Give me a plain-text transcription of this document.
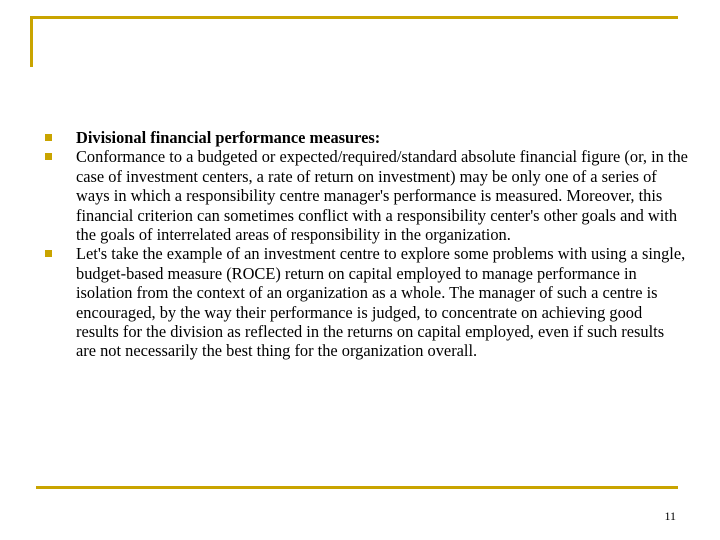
Divisional financial performance measures:
Conformance to a budgeted or expected/required/standard absolute financial figure (or, in the case of investment centers, a rate of return on investment) may be only one of a series of ways in which a responsibility centre manager's performance is measured. Moreover, this financial criterion can sometimes conflict with a responsibility center's other goals and with the goals of interrelated areas of responsibility in the organization.
Let's take the example of an investment centre to explore some problems with using a single, budget-based measure (ROCE) return on capital employed to manage performance in isolation from the context of an organization as a whole. The manager of such a centre is encouraged, by the way their performance is judged, to concentrate on achieving good results for the division as reflected in the returns on capital employed, even if such results are not necessarily the best thing for the organization overall.
11
